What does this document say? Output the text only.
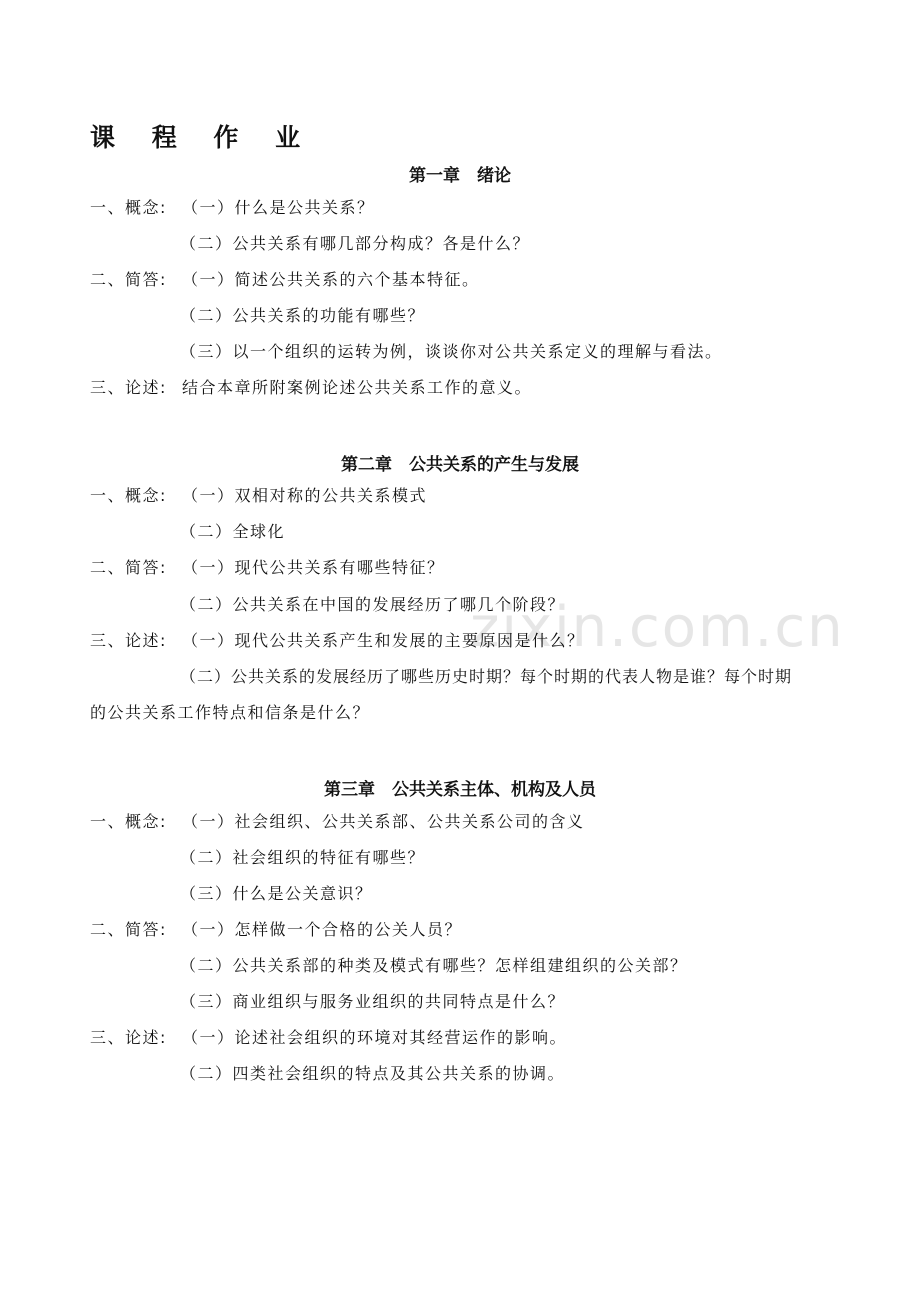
zixin.com.cn
课 程 作 业
第一章　绪论
一、概念: （一）什么是公共关系？
（二）公共关系有哪几部分构成？各是什么？
二、简答: （一）简述公共关系的六个基本特征。
（二）公共关系的功能有哪些？
（三）以一个组织的运转为例，谈谈你对公共关系定义的理解与看法。
三、论述: 结合本章所附案例论述公共关系工作的意义。
第二章　公共关系的产生与发展
一、概念: （一）双相对称的公共关系模式
（二）全球化
二、简答: （一）现代公共关系有哪些特征？
（二）公共关系在中国的发展经历了哪几个阶段？
三、论述: （一）现代公共关系产生和发展的主要原因是什么？
（二）公共关系的发展经历了哪些历史时期？每个时期的代表人物是谁？每个时期
的公共关系工作特点和信条是什么？
第三章　公共关系主体、机构及人员
一、概念: （一）社会组织、公共关系部、公共关系公司的含义
（二）社会组织的特征有哪些？
（三）什么是公关意识？
二、简答: （一）怎样做一个合格的公关人员？
（二）公共关系部的种类及模式有哪些？怎样组建组织的公关部？
（三）商业组织与服务业组织的共同特点是什么？
三、论述: （一）论述社会组织的环境对其经营运作的影响。
（二）四类社会组织的特点及其公共关系的协调。
